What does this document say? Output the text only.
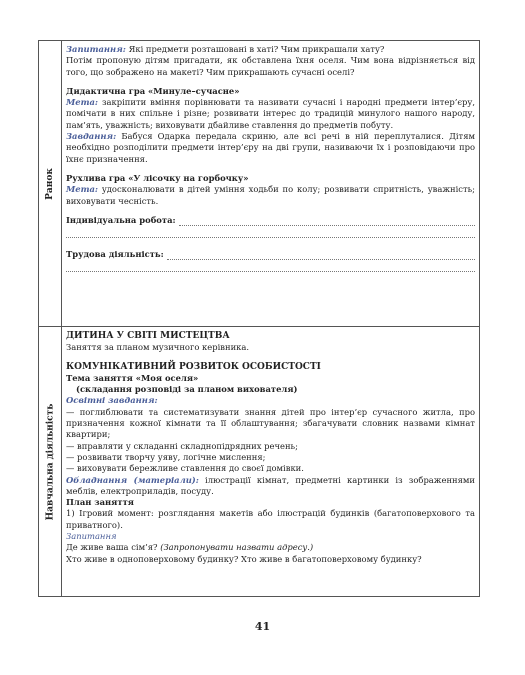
Ранок
Навчальна діяльність

Запитання: Які предмети розташовані в хаті? Чим прикрашали хату?

Потім пропоную дітям пригадати, як обставлена їхня оселя. Чим вона відрізняється від того, що зображено на макеті? Чим прикрашають сучасні оселі?

Дидактична гра «Минуле–сучасне»

Мета: закріпити вміння порівнювати та називати сучасні і народні предмети інтер’єру, помічати в них спільне і різне; розвивати інтерес до традицій минулого нашого народу, пам’ять, уважність; виховувати дбайливе ставлення до предметів побуту.

Завдання: Бабуся Одарка передала скриню, але всі речі в ній переплуталися. Дітям необхідно розподілити предмети інтер’єру на дві групи, називаючи їх і розповідаючи про їхнє призначення.

Рухлива гра «У лісочку на горбочку»

Мета: удосконалювати в дітей уміння ходьби по колу; розвивати спритність, уважність; виховувати чесність.

Індивідуальна робота:
Трудова діяльність:

ДИТИНА У СВІТІ МИСТЕЦТВА

Заняття за планом музичного керівника.

КОМУНІКАТИВНИЙ РОЗВИТОК ОСОБИСТОСТІ

Тема заняття «Моя оселя»

(складання розповіді за планом вихователя)

Освітні завдання:

— поглиблювати та систематизувати знання дітей про інтер’єр сучасного житла, про призначення кожної кімнати та її облаштування; збагачувати словник назвами кімнат квартири;

— вправляти у складанні складнопідрядних речень;

— розвивати творчу уяву, логічне мислення;

— виховувати бережливе ставлення до своєї домівки.

Обладнання (матеріали): ілюстрації кімнат, предметні картинки із зображеннями меблів, електроприладів, посуду.

План заняття

1) Ігровий момент: розглядання макетів або ілюстрацій будинків (багатоповерхового та приватного).

Запитання

Де живе ваша сім’я? (Запропонувати назвати адресу.)

Хто живе в одноповерховому будинку? Хто живе в багатоповерховому будинку?

41
